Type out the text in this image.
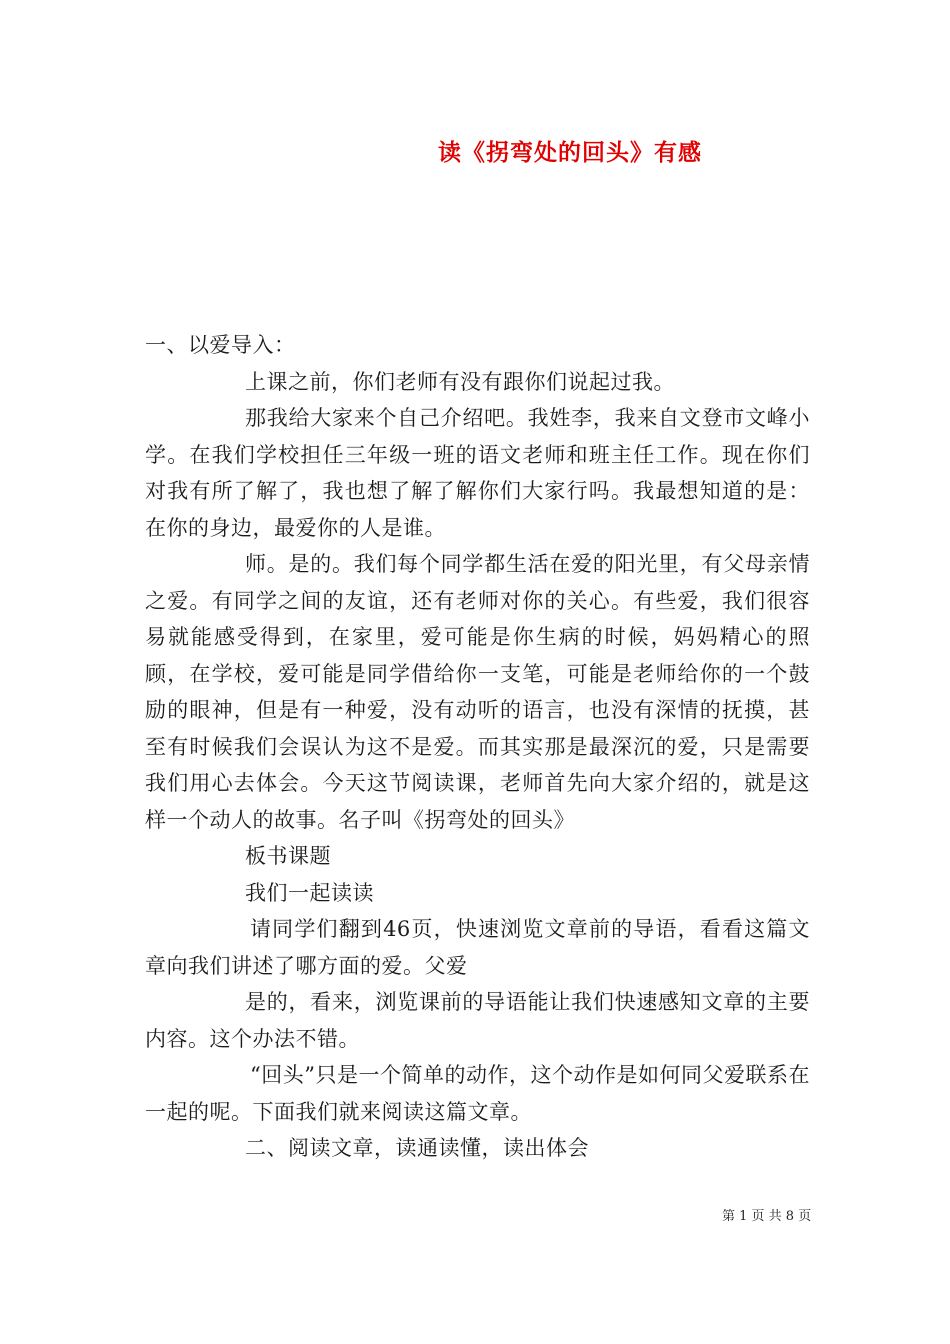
读《拐弯处的回头》有感

一、以爱导入：

上课之前，你们老师有没有跟你们说起过我。

那我给大家来个自己介绍吧。我姓李，我来自文登市文峰小学。在我们学校担任三年级一班的语文老师和班主任工作。现在你们对我有所了解了，我也想了解了解你们大家行吗。我最想知道的是：在你的身边，最爱你的人是谁。

师。是的。我们每个同学都生活在爱的阳光里，有父母亲情之爱。有同学之间的友谊，还有老师对你的关心。有些爱，我们很容易就能感受得到，在家里，爱可能是你生病的时候，妈妈精心的照顾，在学校，爱可能是同学借给你一支笔，可能是老师给你的一个鼓励的眼神，但是有一种爱，没有动听的语言，也没有深情的抚摸，甚至有时候我们会误认为这不是爱。而其实那是最深沉的爱，只是需要我们用心去体会。今天这节阅读课，老师首先向大家介绍的，就是这样一个动人的故事。名子叫《拐弯处的回头》

板书课题

我们一起读读

请同学们翻到46页，快速浏览文章前的导语，看看这篇文章向我们讲述了哪方面的爱。父爱

是的，看来，浏览课前的导语能让我们快速感知文章的主要内容。这个办法不错。

“回头”只是一个简单的动作，这个动作是如何同父爱联系在一起的呢。下面我们就来阅读这篇文章。

二、阅读文章，读通读懂，读出体会

第 1 页 共 8 页
